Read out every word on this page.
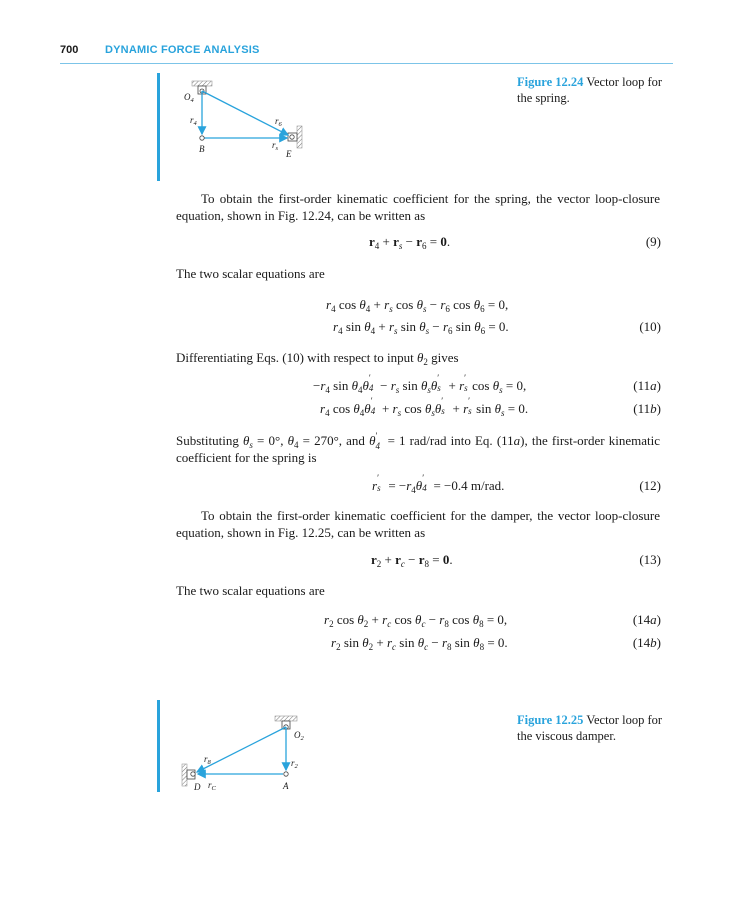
700 DYNAMIC FORCE ANALYSIS
$O_4$
$r_4$
B
$r_6$
$r_s$
E
Figure 12.24 Vector loop for the spring.

To obtain the first-order kinematic coefficient for the spring, the vector loop-closure equation, shown in Fig. 12.24, can be written as

$r_4 + r_s - r_6 = 0$.	(9)

The two scalar equations are

$r_4$ $\cos \theta_4 + r_s$ $\cos \theta_s - r_6$ $\cos \theta_6 = 0$,
$r_4$ $\sin \theta_4 + r_s$ $\sin \theta_s - r_6$ $\sin \theta_6 = 0$.	(10)

Differentiating Eqs. (10) with respect to input $\theta_2$ gives

$-r_4$ $\sin \theta_4\theta$ ′
$4 - r_s$ $\sin \theta_s\theta$ ′
s + r ′
s $\cos \theta_s = 0$,	(11a)
$r_4$ $\cos \theta_4\theta$ ′
$4 + r_s$ $\cos \theta_s\theta$ ′
s + r ′
s $\sin \theta_s = 0$.	(11b)

Substituting $\theta_s = 0^\circ$, $\theta_4 = 270^\circ$, and θ ′
4 = 1 rad/rad into Eq. (11a), the first-order kinematic coefficient for the spring is

r ′
$s = -r_4\theta$ ′
4 = −0.4 m/rad.	(12)

To obtain the first-order kinematic coefficient for the damper, the vector loop-closure equation, shown in Fig. 12.25, can be written as

$r_2 + r_c - r_8 = 0$.	(13)

The two scalar equations are

$r_2$ $\cos \theta_2 + r_c$ $\cos \theta_c - r_8$ $\cos \theta_8 = 0$,	(14a)
$r_2$ $\sin \theta_2 + r_c$ $\sin \theta_c - r_8$ $\sin \theta_8 = 0$.	(14b)
$O_2$
$r_8$	$r_2$
D $r_C$	A
Figure 12.25 Vector loop for the viscous damper.
